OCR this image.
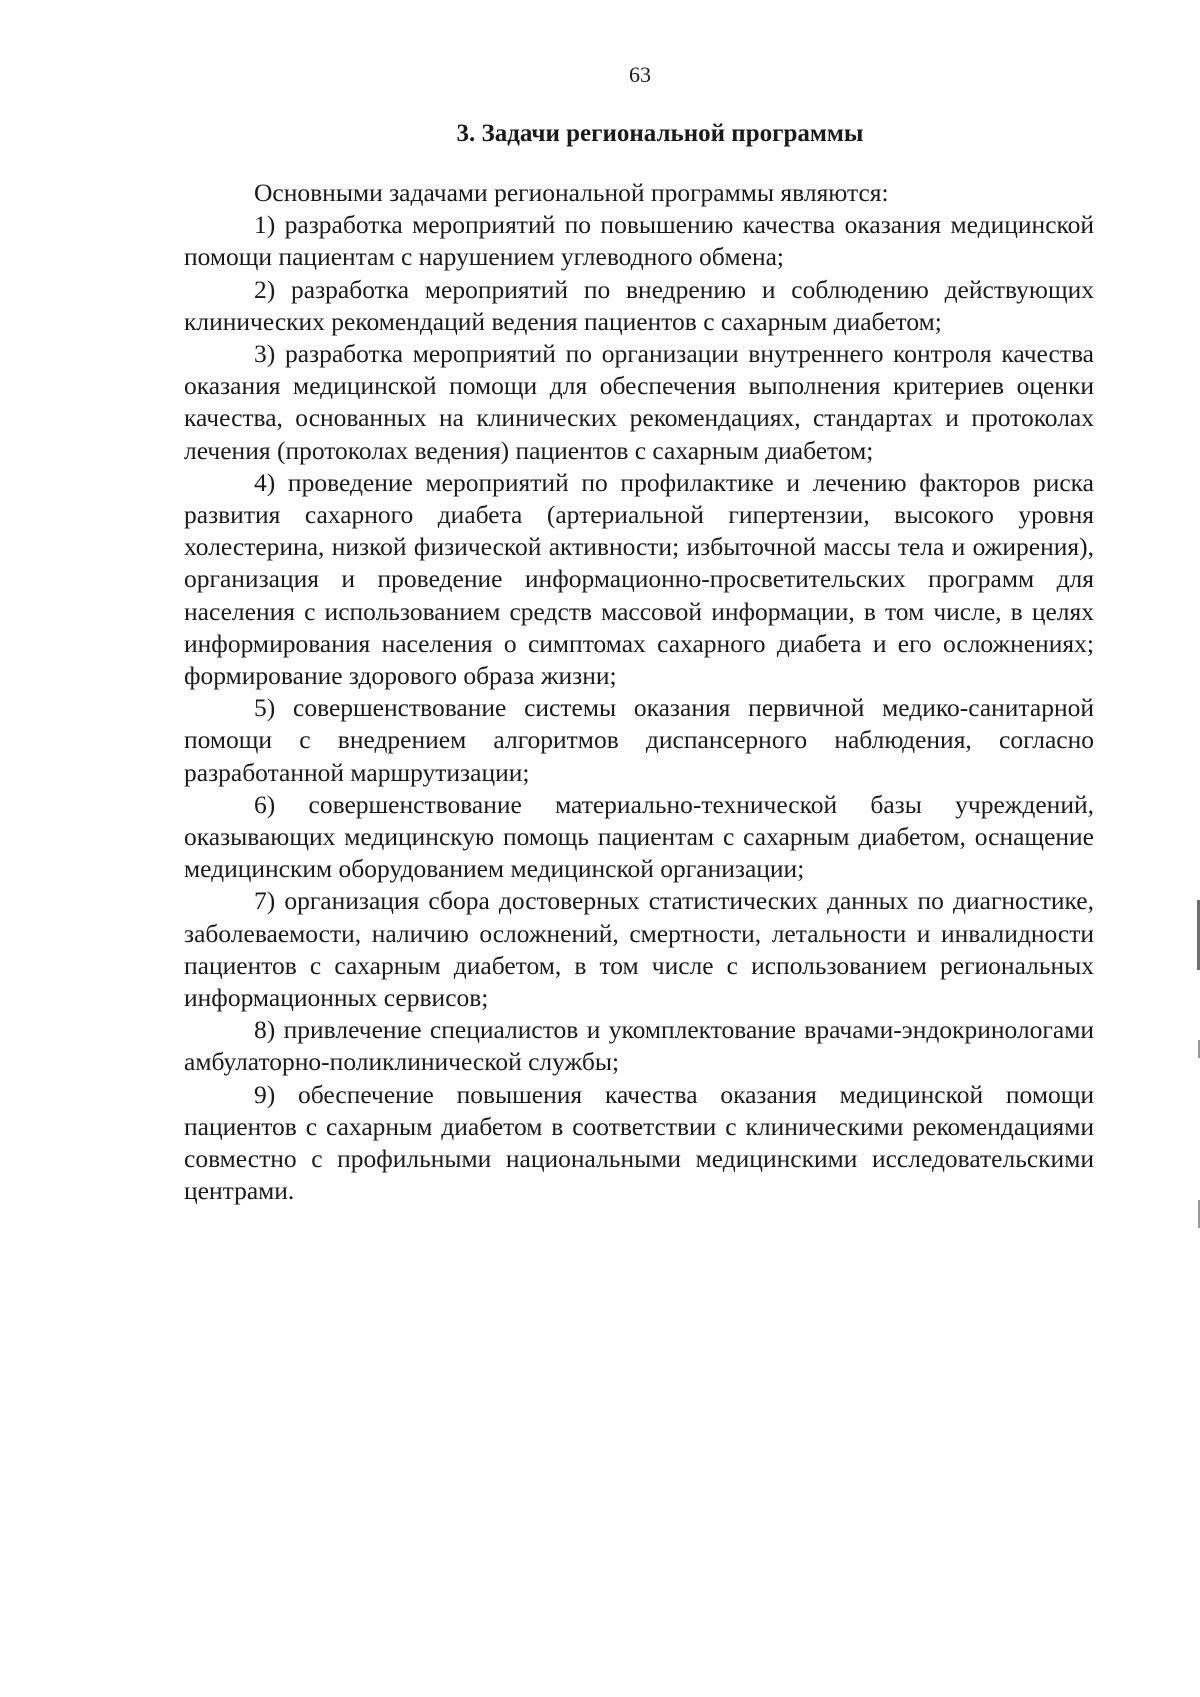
63
3. Задачи региональной программы

Основными задачами региональной программы являются:

1) разработка мероприятий по повышению качества оказания медицинской помощи пациентам с нарушением углеводного обмена;

2) разработка мероприятий по внедрению и соблюдению действующих клинических рекомендаций ведения пациентов с сахарным диабетом;

3) разработка мероприятий по организации внутреннего контроля качества оказания медицинской помощи для обеспечения выполнения критериев оценки качества, основанных на клинических рекомендациях, стандартах и протоколах лечения (протоколах ведения) пациентов с сахарным диабетом;

4) проведение мероприятий по профилактике и лечению факторов риска развития сахарного диабета (артериальной гипертензии, высокого уровня холестерина, низкой физической активности; избыточной массы тела и ожирения), организация и проведение информационно-просветительских программ для населения с использованием средств массовой информации, в том числе, в целях информирования населения о симптомах сахарного диабета и его осложнениях; формирование здорового образа жизни;

5) совершенствование системы оказания первичной медико-санитарной помощи с внедрением алгоритмов диспансерного наблюдения, согласно разработанной маршрутизации;

6) совершенствование материально-технической базы учреждений, оказывающих медицинскую помощь пациентам с сахарным диабетом, оснащение медицинским оборудованием медицинской организации;

7) организация сбора достоверных статистических данных по диагностике, заболеваемости, наличию осложнений, смертности, летальности и инвалидности пациентов с сахарным диабетом, в том числе с использованием региональных информационных сервисов;

8) привлечение специалистов и укомплектование врачами-эндокринологами амбулаторно-поликлинической службы;

9) обеспечение повышения качества оказания медицинской помощи пациентов с сахарным диабетом в соответствии с клиническими рекомендациями совместно с профильными национальными медицинскими исследовательскими центрами.
